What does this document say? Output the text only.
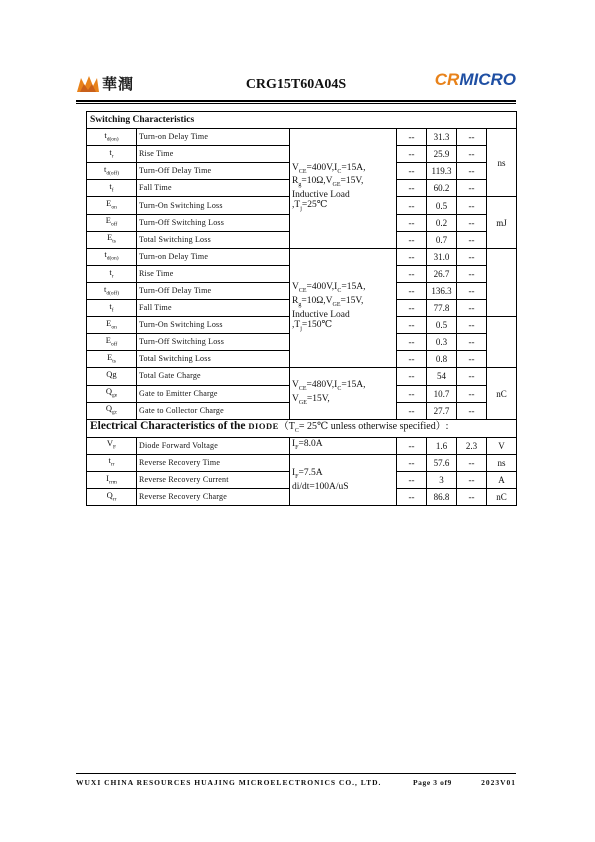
華潤	CRG15T60A04S	CRMICRO
Switching Characteristics						
$t_{d(on)}$	Turn-on Delay Time	$V_{CE}=400V,I_C=15A$,
$R_g=10\Omega,V_{GE}=15V$,
Inductive Load
$,T_j=25℃$	--	31.3	--	ns
$t_r$	Rise Time		--	25.9	--	
$t_{d(off)}$	Turn-Off Delay Time		--	119.3	--	
$t_f$	Fall Time		--	60.2	--	
$E_{on}$	Turn-On Switching Loss		--	0.5	--	mJ
$E_{off}$	Turn-Off Switching Loss		--	0.2	--	
$E_{ts}$	Total Switching Loss		--	0.7	--	
$t_{d(on)}$	Turn-on Delay Time	$V_{CE}=400V,I_C=15A$,
$R_g=10\Omega,V_{GE}=15V$,
Inductive Load
$,T_j=150℃$	--	31.0	--	
$t_r$	Rise Time		--	26.7	--	
$t_{d(off)}$	Turn-Off Delay Time		--	136.3	--	
$t_f$	Fall Time		--	77.8	--	
$E_{on}$	Turn-On Switching Loss		--	0.5	--	
$E_{off}$	Turn-Off Switching Loss		--	0.3	--	
$E_{ts}$	Total Switching Loss		--	0.8	--	
Qg	Total Gate Charge	$V_{CE}=480V,I_C=15A$,
$V_{GE}=15V$,	--	54	--	nC
$Q_{ge}$	Gate to Emitter Charge		--	10.7	--	
$Q_{gc}$	Gate to Collector Charge		--	27.7	--	
Electrical Characteristics of the $DIODE(T_C=$ 25℃ unless otherwise specified）:						
$V_F$	Diode Forward Voltage	$I_F=8.0A$	--	1.6	2.3	V
$t_{rr}$	Reverse Recovery Time	$I_F=7.5A$
di/dt=100A/uS	--	57.6	--	ns
$I_{rrm}$	Reverse Recovery Current		--	3	--	A
$Q_{rr}$	Reverse Recovery Charge		--	86.8	--	nC
WUXI CHINA RESOURCES HUAJING MICROELECTRONICS CO., LTD.	Page 3 of9	2023V01
